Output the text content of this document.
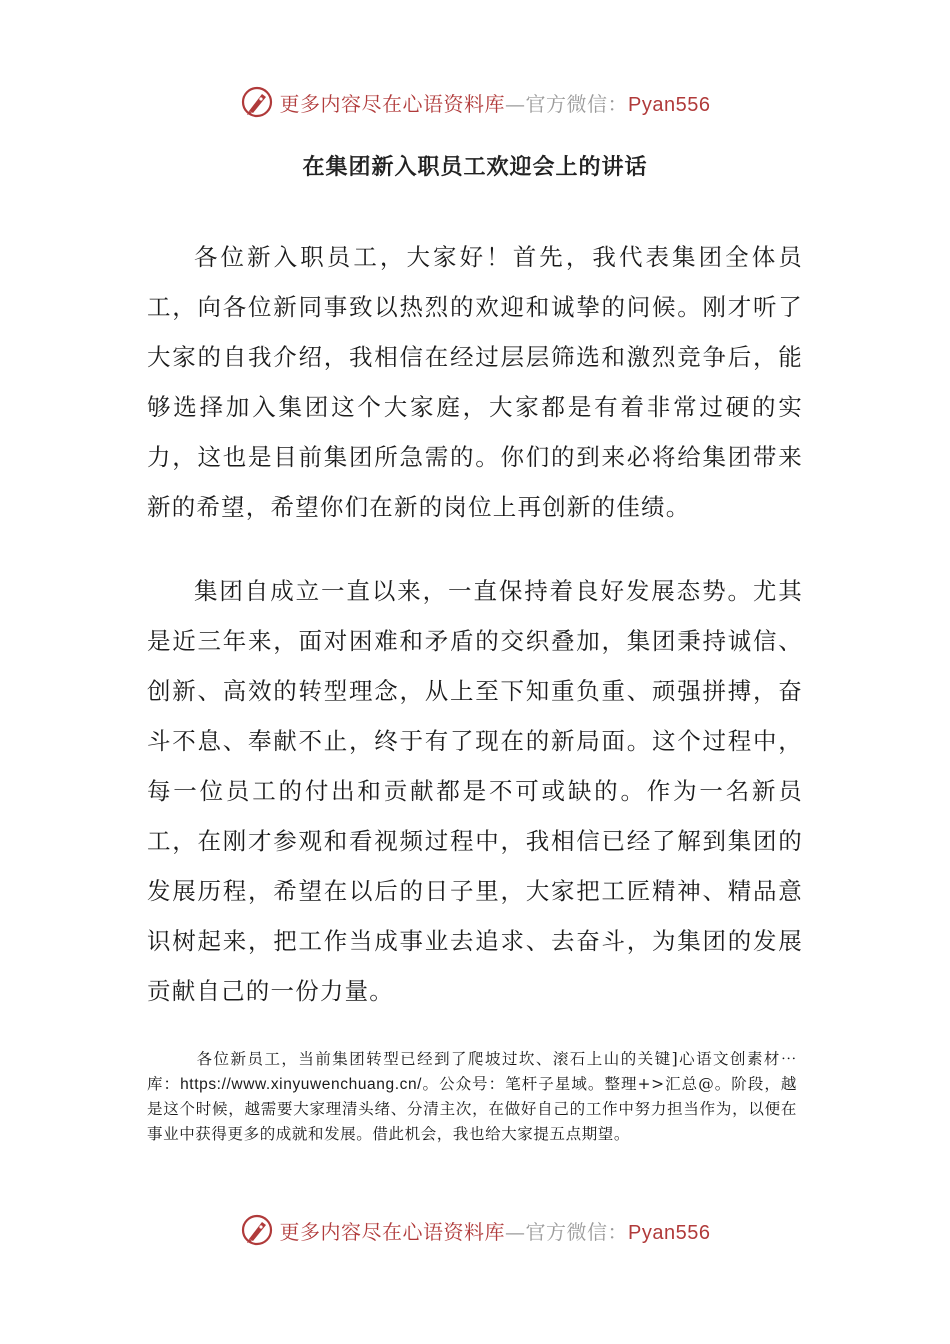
更多内容尽在心语资料库—官方微信：Pyan556
在集团新入职员工欢迎会上的讲话

各位新入职员工，大家好！首先，我代表集团全体员工，向各位新同事致以热烈的欢迎和诚挚的问候。刚才听了大家的自我介绍，我相信在经过层层筛选和激烈竞争后，能够选择加入集团这个大家庭，大家都是有着非常过硬的实力，这也是目前集团所急需的。你们的到来必将给集团带来新的希望，希望你们在新的岗位上再创新的佳绩。

集团自成立一直以来，一直保持着良好发展态势。尤其是近三年来，面对困难和矛盾的交织叠加，集团秉持诚信、创新、高效的转型理念，从上至下知重负重、顽强拼搏，奋斗不息、奉献不止，终于有了现在的新局面。这个过程中，每一位员工的付出和贡献都是不可或缺的。作为一名新员工，在刚才参观和看视频过程中，我相信已经了解到集团的发展历程，希望在以后的日子里，大家把工匠精神、精品意识树起来，把工作当成事业去追求、去奋斗，为集团的发展贡献自己的一份力量。

各位新员工，当前集团转型已经到了爬坡过坎、滚石上山的关键]心语文创素材⋯库：https://www.xinyuwenchuang.cn/。公众号：笔杆子星域。整理+>汇总@。阶段，越是这个时候，越需要大家理清头绪、分清主次，在做好自己的工作中努力担当作为，以便在事业中获得更多的成就和发展。借此机会，我也给大家提五点期望。

更多内容尽在心语资料库—官方微信：Pyan556
